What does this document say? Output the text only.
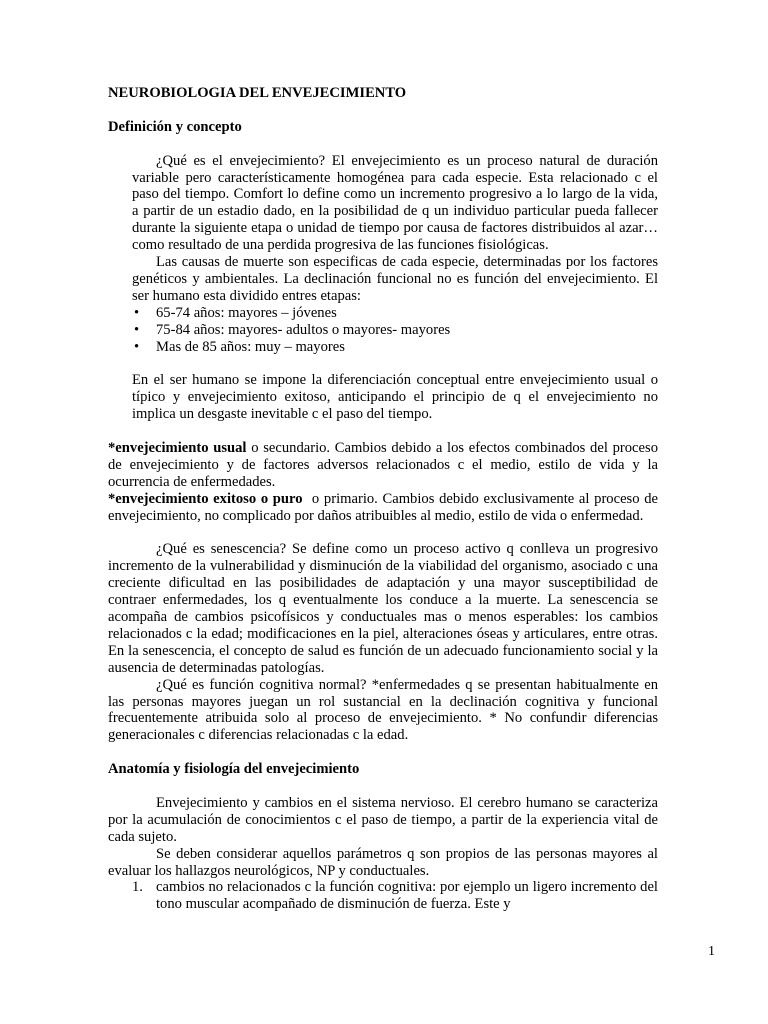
NEUROBIOLOGIA DEL ENVEJECIMIENTO

Definición y concepto

¿Qué es el envejecimiento? El envejecimiento es un proceso natural de duración variable pero característicamente homogénea para cada especie. Esta relacionado c el paso del tiempo. Comfort lo define como un incremento progresivo a lo largo de la vida, a partir de un estadio dado, en la posibilidad de q un individuo particular pueda fallecer durante la siguiente etapa o unidad de tiempo por causa de factores distribuidos al azar…como resultado de una perdida progresiva de las funciones fisiológicas.
Las causas de muerte son especificas de cada especie, determinadas por los factores genéticos y ambientales. La declinación funcional no es función del envejecimiento. El ser humano esta dividido entres etapas:
• 65-74 años: mayores – jóvenes
• 75-84 años: mayores- adultos o mayores- mayores
• Mas de 85 años: muy – mayores
En el ser humano se impone la diferenciación conceptual entre envejecimiento usual o típico y envejecimiento exitoso, anticipando el principio de q el envejecimiento no implica un desgaste inevitable c el paso del tiempo.
*envejecimiento usual o secundario. Cambios debido a los efectos combinados del proceso de envejecimiento y de factores adversos relacionados c el medio, estilo de vida y la ocurrencia de enfermedades.
*envejecimiento exitoso o puro  o primario. Cambios debido exclusivamente al proceso de envejecimiento, no complicado por daños atribuibles al medio, estilo de vida o enfermedad.
¿Qué es senescencia? Se define como un proceso activo q conlleva un progresivo incremento de la vulnerabilidad y disminución de la viabilidad del organismo, asociado c una creciente dificultad en las posibilidades de adaptación y una mayor susceptibilidad de contraer enfermedades, los q eventualmente los conduce a la muerte. La senescencia se acompaña de cambios psicofísicos y conductuales mas o menos esperables: los cambios relacionados c la edad; modificaciones en la piel, alteraciones óseas y articulares, entre otras. En la senescencia, el concepto de salud es función de un adecuado funcionamiento social y la ausencia de determinadas patologías.
¿Qué es función cognitiva normal? *enfermedades q se presentan habitualmente en las personas mayores juegan un rol sustancial en la declinación cognitiva y funcional frecuentemente atribuida solo al proceso de envejecimiento. * No confundir diferencias generacionales c diferencias relacionadas c la edad.

Anatomía y fisiología del envejecimiento

Envejecimiento y cambios en el sistema nervioso. El cerebro humano se caracteriza por la acumulación de conocimientos c el paso de tiempo, a partir de la experiencia vital de cada sujeto.
Se deben considerar aquellos parámetros q son propios de las personas mayores al evaluar los hallazgos neurológicos, NP y conductuales.
1. cambios no relacionados c la función cognitiva: por ejemplo un ligero incremento del tono muscular acompañado de disminución de fuerza. Este y
1
